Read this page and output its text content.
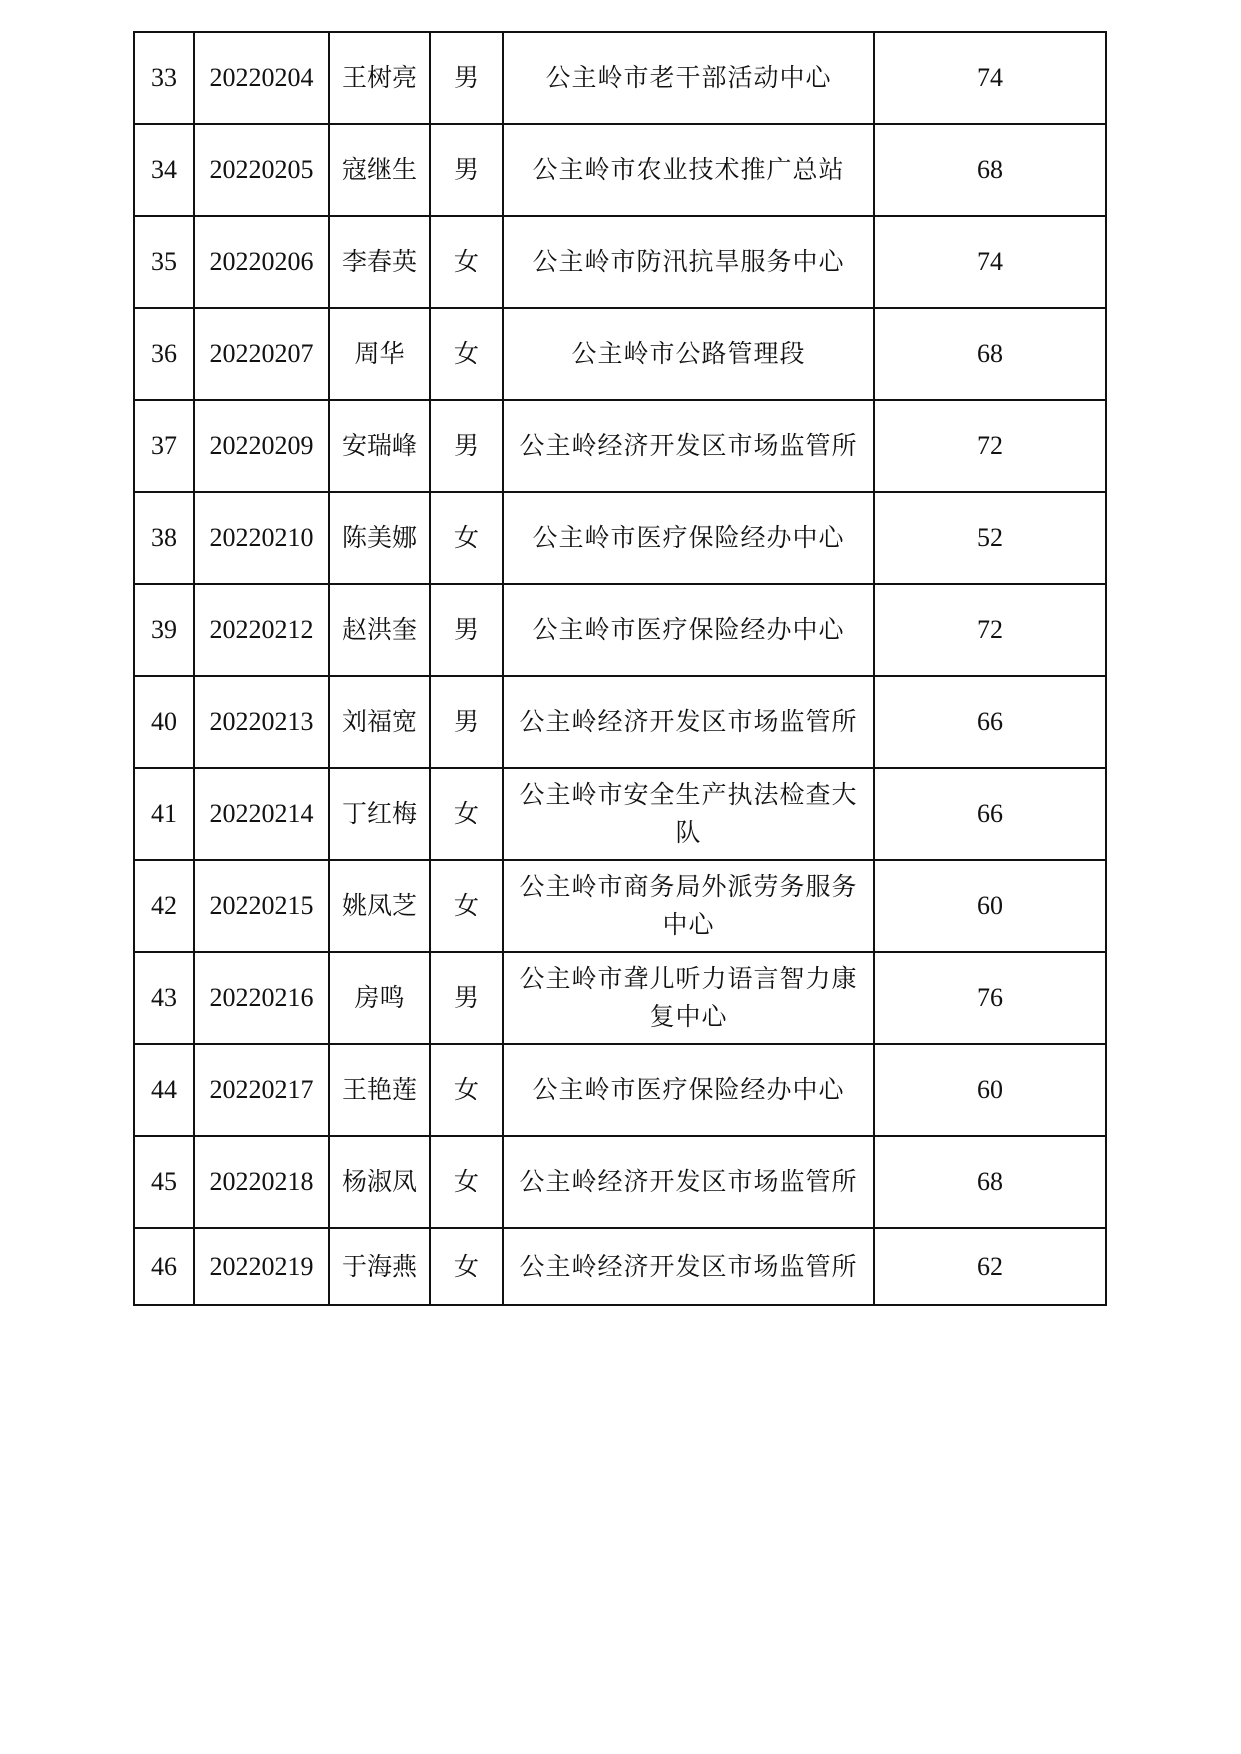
33	20220204	王树亮	男	公主岭市老干部活动中心	74
34	20220205	寇继生	男	公主岭市农业技术推广总站	68
35	20220206	李春英	女	公主岭市防汛抗旱服务中心	74
36	20220207	周华	女	公主岭市公路管理段	68
37	20220209	安瑞峰	男	公主岭经济开发区市场监管所	72
38	20220210	陈美娜	女	公主岭市医疗保险经办中心	52
39	20220212	赵洪奎	男	公主岭市医疗保险经办中心	72
40	20220213	刘福宽	男	公主岭经济开发区市场监管所	66
41	20220214	丁红梅	女	公主岭市安全生产执法检查大队	66
42	20220215	姚凤芝	女	公主岭市商务局外派劳务服务中心	60
43	20220216	房鸣	男	公主岭市聋儿听力语言智力康复中心	76
44	20220217	王艳莲	女	公主岭市医疗保险经办中心	60
45	20220218	杨淑凤	女	公主岭经济开发区市场监管所	68
46	20220219	于海燕	女	公主岭经济开发区市场监管所	62
